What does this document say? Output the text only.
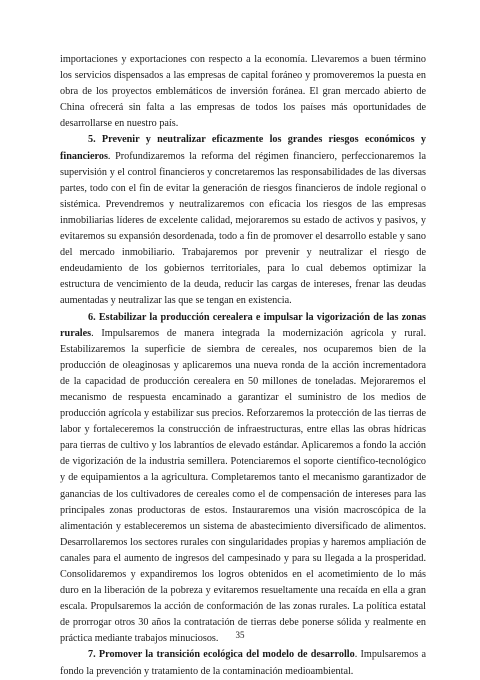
importaciones y exportaciones con respecto a la economía. Llevaremos a buen término los servicios dispensados a las empresas de capital foráneo y promoveremos la puesta en obra de los proyectos emblemáticos de inversión foránea. El gran mercado abierto de China ofrecerá sin falta a las empresas de todos los países más oportunidades de desarrollarse en nuestro país.

5. Prevenir y neutralizar eficazmente los grandes riesgos económicos y financieros. Profundizaremos la reforma del régimen financiero, perfeccionaremos la supervisión y el control financieros y concretaremos las responsabilidades de las diversas partes, todo con el fin de evitar la generación de riesgos financieros de índole regional o sistémica. Prevendremos y neutralizaremos con eficacia los riesgos de las empresas inmobiliarias líderes de excelente calidad, mejoraremos su estado de activos y pasivos, y evitaremos su expansión desordenada, todo a fin de promover el desarrollo estable y sano del mercado inmobiliario. Trabajaremos por prevenir y neutralizar el riesgo de endeudamiento de los gobiernos territoriales, para lo cual debemos optimizar la estructura de vencimiento de la deuda, reducir las cargas de intereses, frenar las deudas aumentadas y neutralizar las que se tengan en existencia.

6. Estabilizar la producción cerealera e impulsar la vigorización de las zonas rurales. Impulsaremos de manera integrada la modernización agrícola y rural. Estabilizaremos la superficie de siembra de cereales, nos ocuparemos bien de la producción de oleaginosas y aplicaremos una nueva ronda de la acción incrementadora de la capacidad de producción cerealera en 50 millones de toneladas. Mejoraremos el mecanismo de respuesta encaminado a garantizar el suministro de los medios de producción agrícola y estabilizar sus precios. Reforzaremos la protección de las tierras de labor y fortaleceremos la construcción de infraestructuras, entre ellas las obras hídricas para tierras de cultivo y los labrantíos de elevado estándar. Aplicaremos a fondo la acción de vigorización de la industria semillera. Potenciaremos el soporte científico-tecnológico y de equipamientos a la agricultura. Completaremos tanto el mecanismo garantizador de ganancias de los cultivadores de cereales como el de compensación de intereses para las principales zonas productoras de estos. Instauraremos una visión macroscópica de la alimentación y estableceremos un sistema de abastecimiento diversificado de alimentos. Desarrollaremos los sectores rurales con singularidades propias y haremos ampliación de canales para el aumento de ingresos del campesinado y para su llegada a la prosperidad. Consolidaremos y expandiremos los logros obtenidos en el acometimiento de lo más duro en la liberación de la pobreza y evitaremos resueltamente una recaída en ella a gran escala. Propulsaremos la acción de conformación de las zonas rurales. La política estatal de prorrogar otros 30 años la contratación de tierras debe ponerse sólida y realmente en práctica mediante trabajos minuciosos.

7. Promover la transición ecológica del modelo de desarrollo. Impulsaremos a fondo la prevención y tratamiento de la contaminación medioambiental.

35
